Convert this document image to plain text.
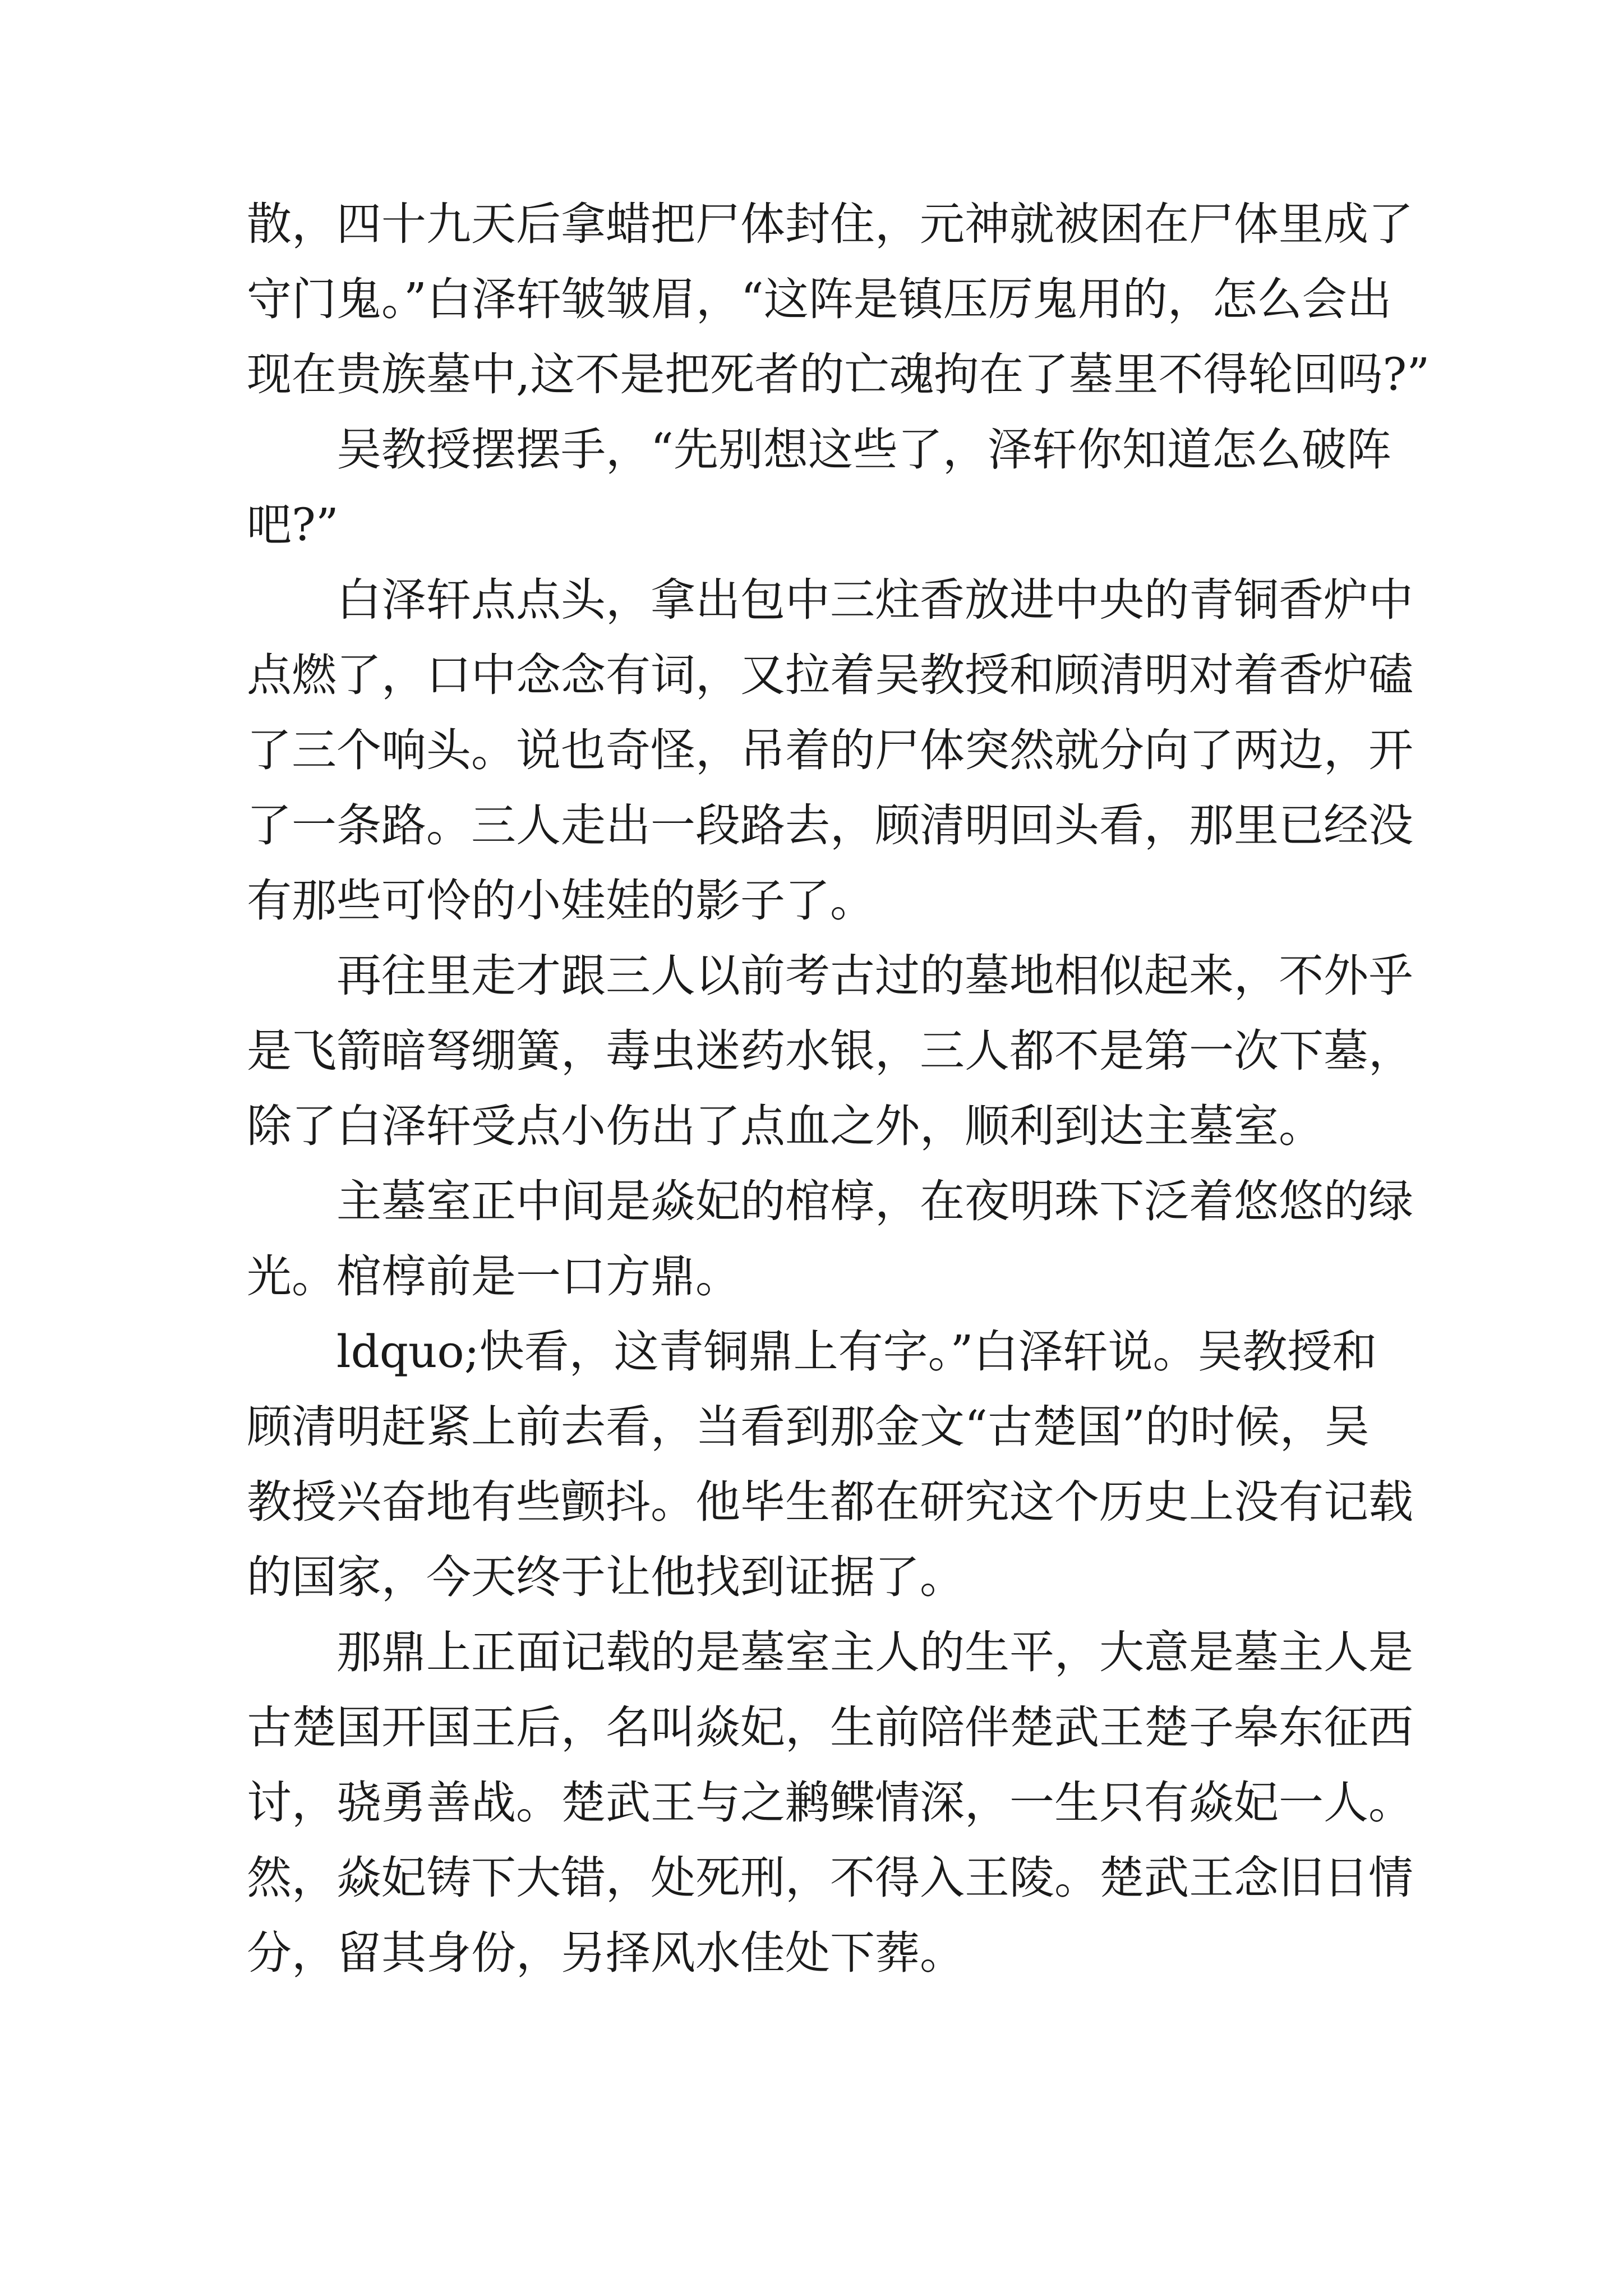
散，四十九天后拿蜡把尸体封住，元神就被困在尸体里成了
守门鬼。”白泽轩皱皱眉，“这阵是镇压厉鬼用的，怎么会出
现在贵族墓中,这不是把死者的亡魂拘在了墓里不得轮回吗?”
吴教授摆摆手，“先别想这些了，泽轩你知道怎么破阵
吧?”
白泽轩点点头，拿出包中三炷香放进中央的青铜香炉中
点燃了，口中念念有词，又拉着吴教授和顾清明对着香炉磕
了三个响头。说也奇怪，吊着的尸体突然就分向了两边，开
了一条路。三人走出一段路去，顾清明回头看，那里已经没
有那些可怜的小娃娃的影子了。
再往里走才跟三人以前考古过的墓地相似起来，不外乎
是飞箭暗弩绷簧，毒虫迷药水银，三人都不是第一次下墓，
除了白泽轩受点小伤出了点血之外，顺利到达主墓室。
主墓室正中间是焱妃的棺椁，在夜明珠下泛着悠悠的绿
光。棺椁前是一口方鼎。
ldquo;快看，这青铜鼎上有字。”白泽轩说。吴教授和
顾清明赶紧上前去看，当看到那金文“古楚国”的时候，吴
教授兴奋地有些颤抖。他毕生都在研究这个历史上没有记载
的国家，今天终于让他找到证据了。
那鼎上正面记载的是墓室主人的生平，大意是墓主人是
古楚国开国王后，名叫焱妃，生前陪伴楚武王楚子皋东征西
讨，骁勇善战。楚武王与之鹣鲽情深，一生只有焱妃一人。
然，焱妃铸下大错，处死刑，不得入王陵。楚武王念旧日情
分，留其身份，另择风水佳处下葬。
